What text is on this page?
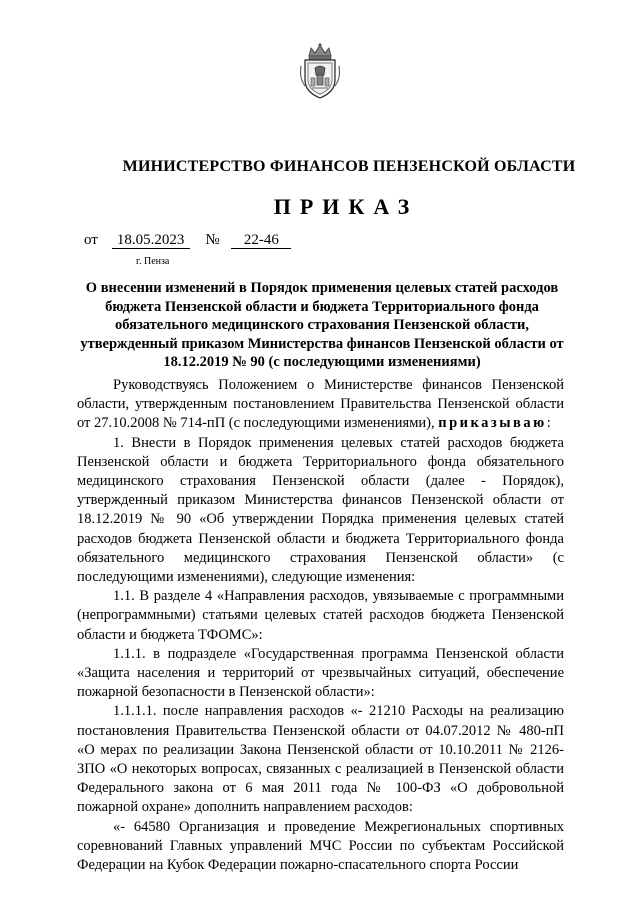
МИНИСТЕРСТВО ФИНАНСОВ ПЕНЗЕНСКОЙ ОБЛАСТИ
ПРИКАЗ
от 18.05.2023 № 22-46
г. Пенза
О внесении изменений в Порядок применения целевых статей расходов бюджета Пензенской области и бюджета Территориального фонда обязательного медицинского страхования Пензенской области, утвержденный приказом Министерства финансов Пензенской области от 18.12.2019 № 90 (с последующими изменениями)

Руководствуясь Положением о Министерстве финансов Пензенской области, утвержденным постановлением Правительства Пензенской области от 27.10.2008 № 714-пП (с последующими изменениями), приказываю:

1. Внести в Порядок применения целевых статей расходов бюджета Пензенской области и бюджета Территориального фонда обязательного медицинского страхования Пензенской области (далее - Порядок), утвержденный приказом Министерства финансов Пензенской области от 18.12.2019 № 90 «Об утверждении Порядка применения целевых статей расходов бюджета Пензенской области и бюджета Территориального фонда обязательного медицинского страхования Пензенской области» (с последующими изменениями), следующие изменения:

1.1. В разделе 4 «Направления расходов, увязываемые с программными (непрограммными) статьями целевых статей расходов бюджета Пензенской области и бюджета ТФОМС»:

1.1.1. в подразделе «Государственная программа Пензенской области «Защита населения и территорий от чрезвычайных ситуаций, обеспечение пожарной безопасности в Пензенской области»:

1.1.1.1. после направления расходов «- 21210 Расходы на реализацию постановления Правительства Пензенской области от 04.07.2012 № 480-пП «О мерах по реализации Закона Пензенской области от 10.10.2011 № 2126-ЗПО «О некоторых вопросах, связанных с реализацией в Пензенской области Федерального закона от 6 мая 2011 года № 100-ФЗ «О добровольной пожарной охране» дополнить направлением расходов:

«- 64580 Организация и проведение Межрегиональных спортивных соревнований Главных управлений МЧС России по субъектам Российской Федерации на Кубок Федерации пожарно-спасательного спорта России
